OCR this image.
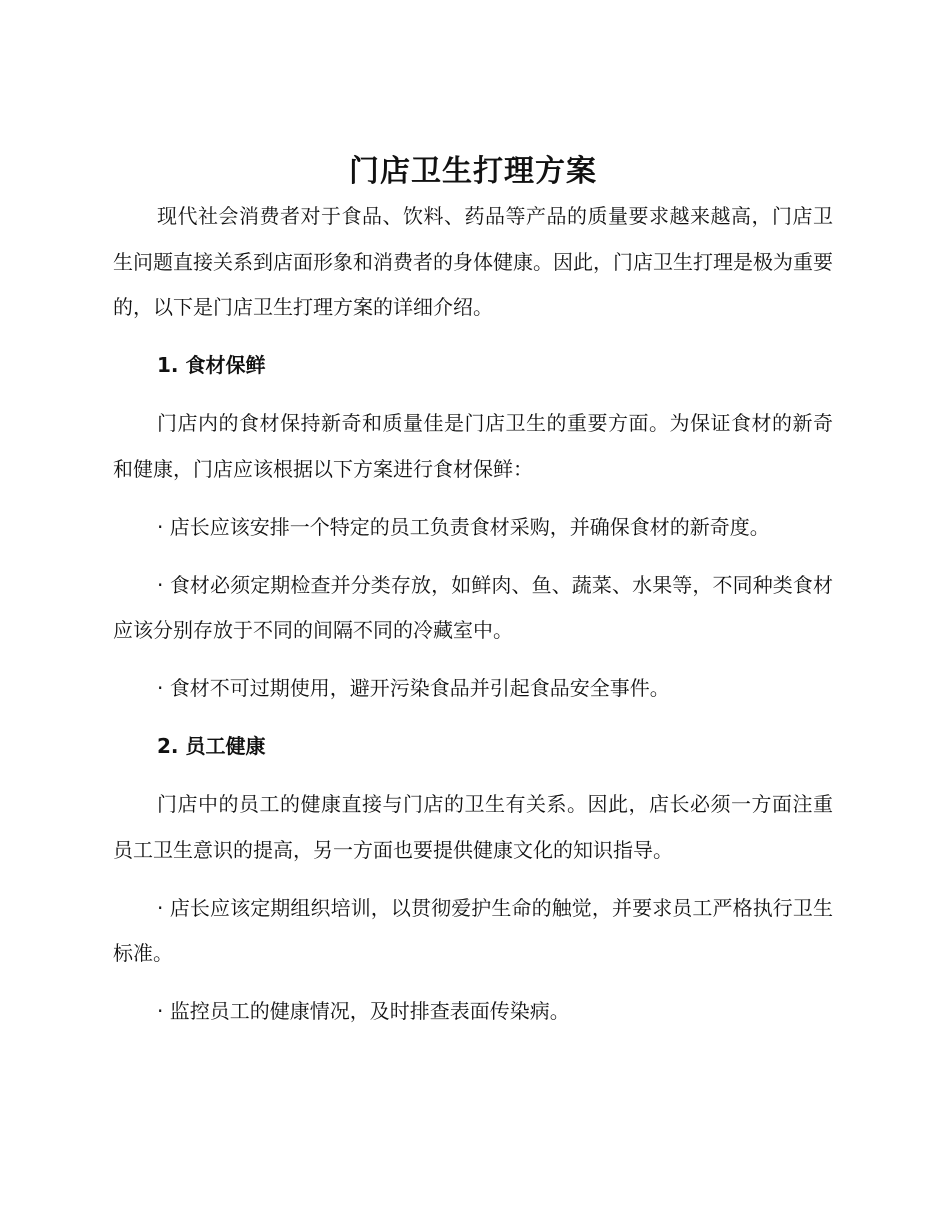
门店卫生打理方案

现代社会消费者对于食品、饮料、药品等产品的质量要求越来越高，门店卫生问题直接关系到店面形象和消费者的身体健康。因此，门店卫生打理是极为重要的，以下是门店卫生打理方案的详细介绍。

1. 食材保鲜

门店内的食材保持新奇和质量佳是门店卫生的重要方面。为保证食材的新奇和健康，门店应该根据以下方案进行食材保鲜：

· 店长应该安排一个特定的员工负责食材采购，并确保食材的新奇度。

· 食材必须定期检查并分类存放，如鲜肉、鱼、蔬菜、水果等，不同种类食材应该分别存放于不同的间隔不同的冷藏室中。

· 食材不可过期使用，避开污染食品并引起食品安全事件。

2. 员工健康

门店中的员工的健康直接与门店的卫生有关系。因此，店长必须一方面注重员工卫生意识的提高，另一方面也要提供健康文化的知识指导。

· 店长应该定期组织培训，以贯彻爱护生命的触觉，并要求员工严格执行卫生标准。

· 监控员工的健康情况，及时排查表面传染病。
